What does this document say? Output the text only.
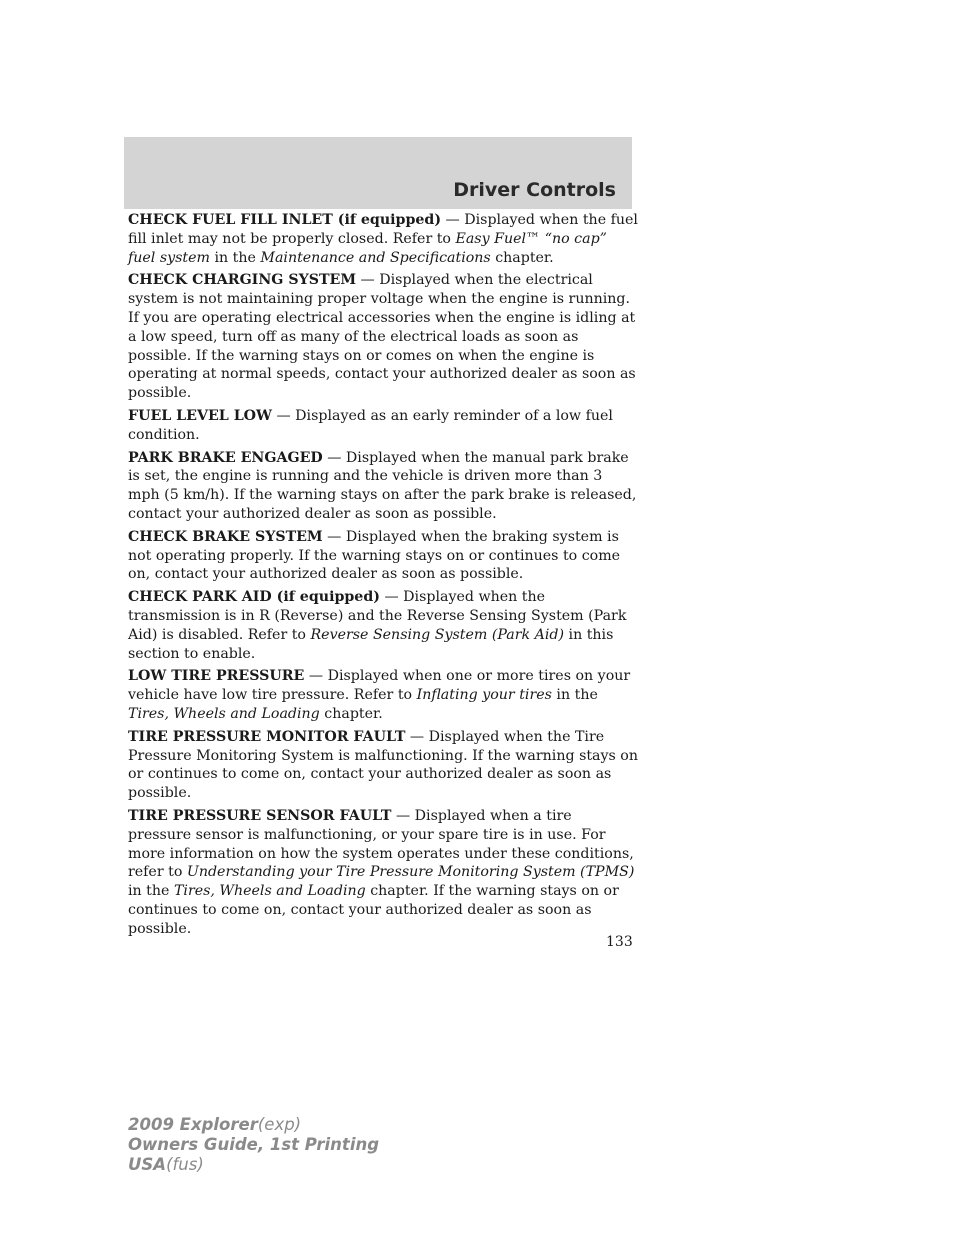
Driver Controls

CHECK FUEL FILL INLET (if equipped) — Displayed when the fuel fill inlet may not be properly closed. Refer to Easy Fuel™ “no cap” fuel system in the Maintenance and Specifications chapter.

CHECK CHARGING SYSTEM — Displayed when the electrical system is not maintaining proper voltage when the engine is running. If you are operating electrical accessories when the engine is idling at a low speed, turn off as many of the electrical loads as soon as possible. If the warning stays on or comes on when the engine is operating at normal speeds, contact your authorized dealer as soon as possible.

FUEL LEVEL LOW — Displayed as an early reminder of a low fuel condition.

PARK BRAKE ENGAGED — Displayed when the manual park brake is set, the engine is running and the vehicle is driven more than 3 mph (5 km/h). If the warning stays on after the park brake is released, contact your authorized dealer as soon as possible.

CHECK BRAKE SYSTEM — Displayed when the braking system is not operating properly. If the warning stays on or continues to come on, contact your authorized dealer as soon as possible.

CHECK PARK AID (if equipped) — Displayed when the transmission is in R (Reverse) and the Reverse Sensing System (Park Aid) is disabled. Refer to Reverse Sensing System (Park Aid) in this section to enable.

LOW TIRE PRESSURE — Displayed when one or more tires on your vehicle have low tire pressure. Refer to Inflating your tires in the Tires, Wheels and Loading chapter.

TIRE PRESSURE MONITOR FAULT — Displayed when the Tire Pressure Monitoring System is malfunctioning. If the warning stays on or continues to come on, contact your authorized dealer as soon as possible.

TIRE PRESSURE SENSOR FAULT — Displayed when a tire pressure sensor is malfunctioning, or your spare tire is in use. For more information on how the system operates under these conditions, refer to Understanding your Tire Pressure Monitoring System (TPMS) in the Tires, Wheels and Loading chapter. If the warning stays on or continues to come on, contact your authorized dealer as soon as possible.

133
2009 Explorer(exp)
Owners Guide, 1st Printing
USA(fus)
